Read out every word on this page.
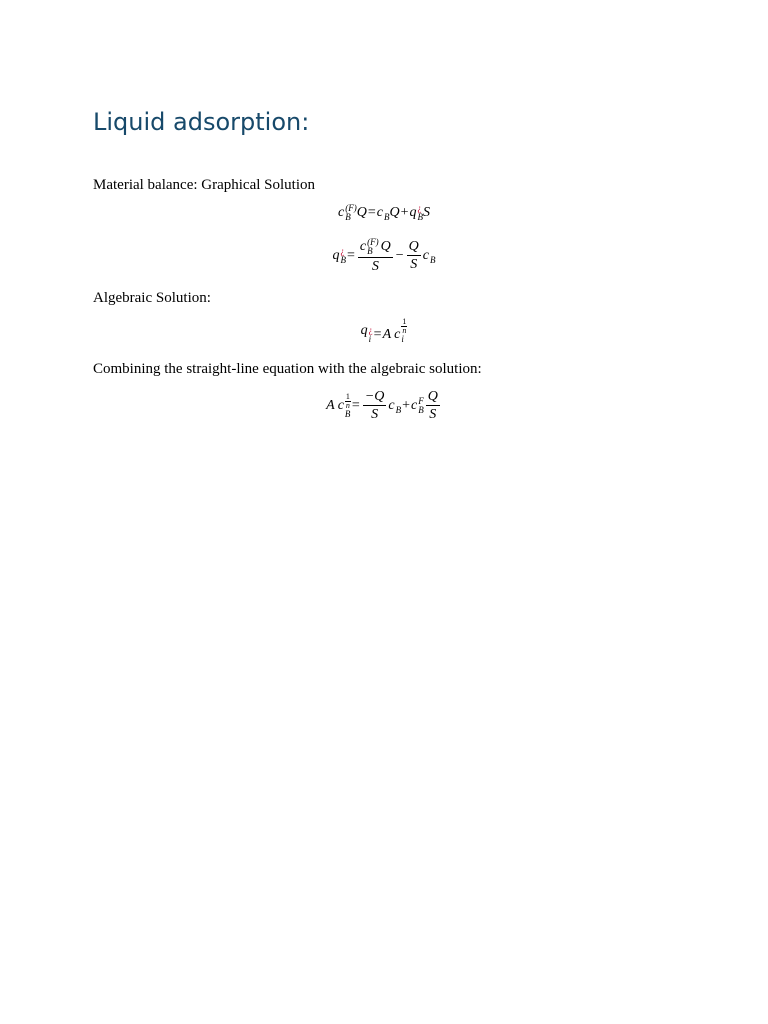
Liquid adsorption:

Material balance: Graphical Solution

c (F)
B Q = c B Q + q ¿
B S
q ¿
B =
c (F)
B Q
S
− $\frac{Q}{S}$ c B

Algebraic Solution:

q ¿
i = A c $\frac{1}{n}$
i

Combining the straight-line equation with the algebraic solution:

A c $\frac{1}{n}$
B
= $\frac{-Q}{S}$ c B + c F
B $\frac{Q}{S}$
